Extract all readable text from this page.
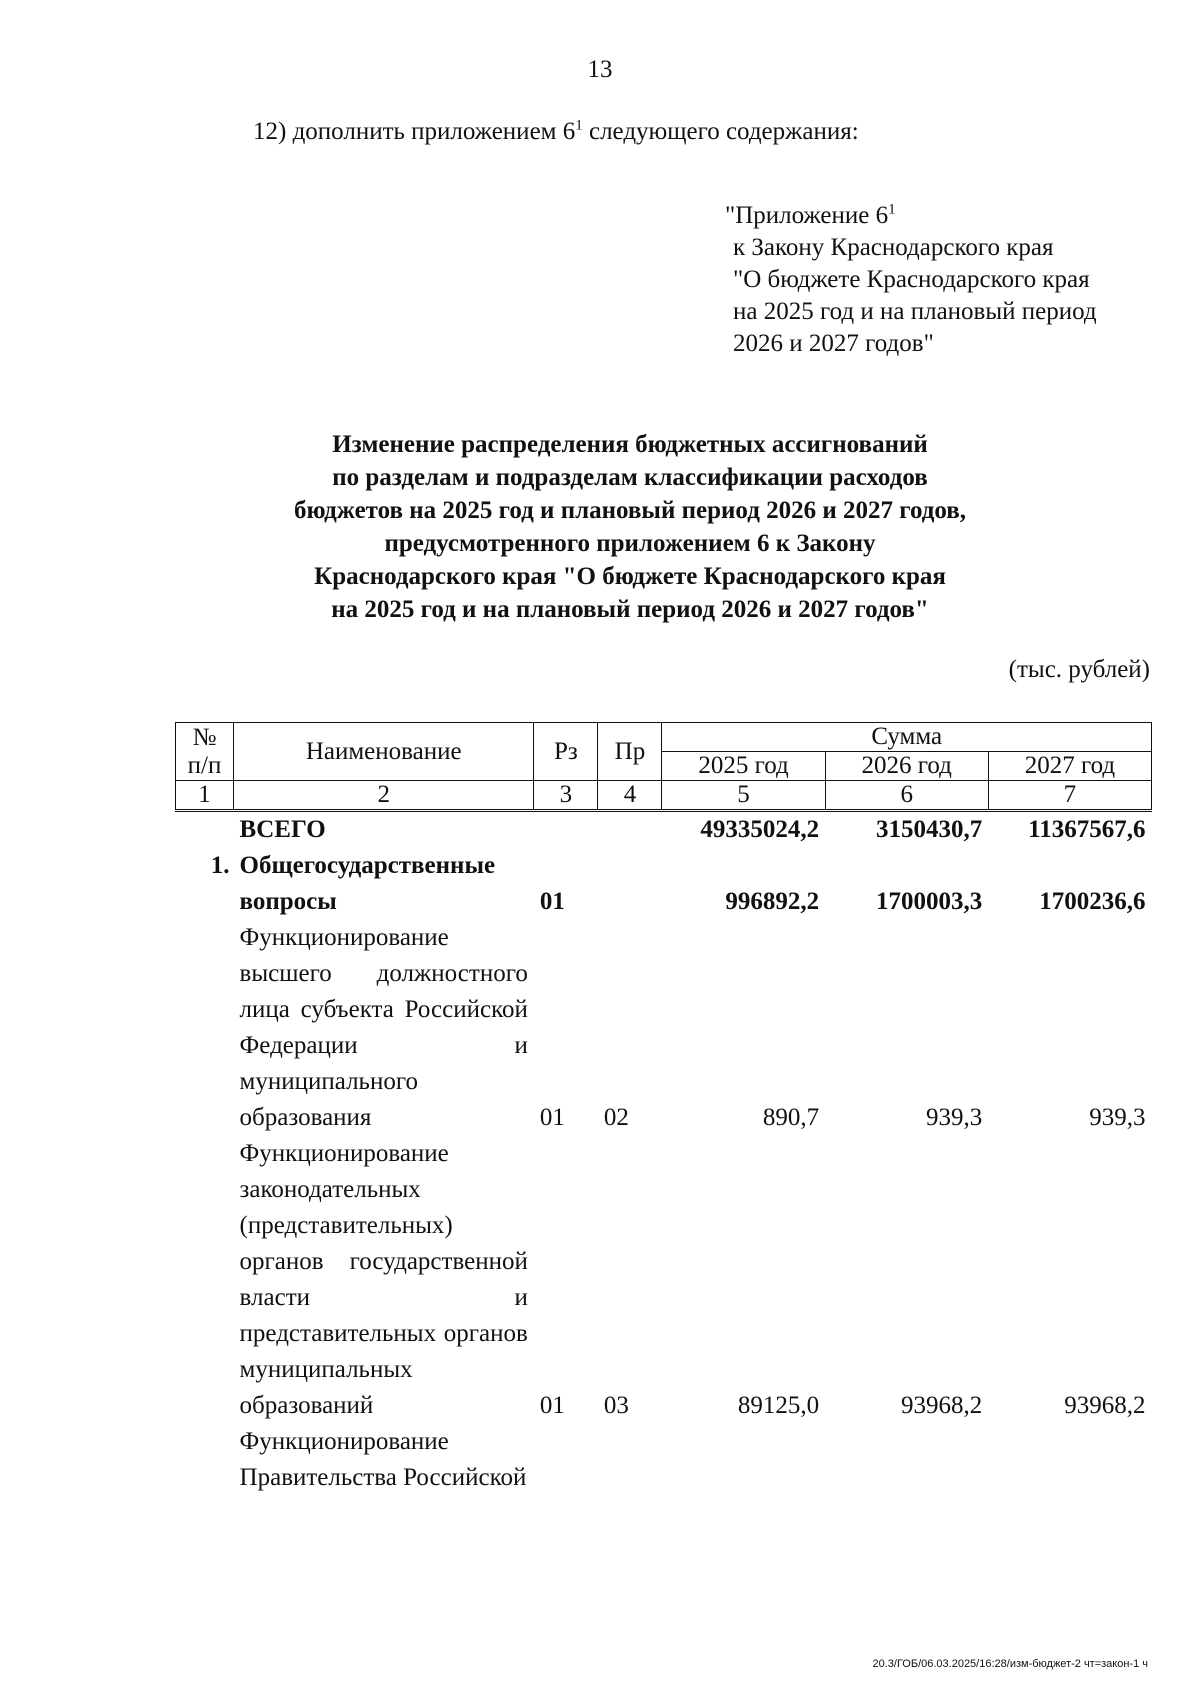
13
12) дополнить приложением $6^1$ следующего содержания:
"Приложение $6^1$
к Закону Краснодарского края
"О бюджете Краснодарского края
на 2025 год и на плановый период
2026 и 2027 годов"
Изменение распределения бюджетных ассигнований
по разделам и подразделам классификации расходов
бюджетов на 2025 год и плановый период 2026 и 2027 годов,
предусмотренного приложением 6 к Закону
Краснодарского края "О бюджете Краснодарского края
на 2025 год и на плановый период 2026 и 2027 годов"
(тыс. рублей)
№
п/п	Наименование	Рз	Пр	Сумма		
				2025 год	2026 год	2027 год
1	2	3	4	5	6	7
	ВСЕГО			49335024,2	3150430,7	11367567,6
1.	Общегосударственные вопросы	01		996892,2	1700003,3	1700236,6
	Функционирование высшего должностного лица субъекта Российской Федерации и муниципального образования	01	02	890,7	939,3	939,3
	Функционирование законодательных (представительных) органов государственной власти и представительных органов муниципальных образований	01	03	89125,0	93968,2	93968,2
	Функционирование Правительства Российской					
20.3/ГОБ/06.03.2025/16:28/изм-бюджет-2 чт=закон-1 ч
